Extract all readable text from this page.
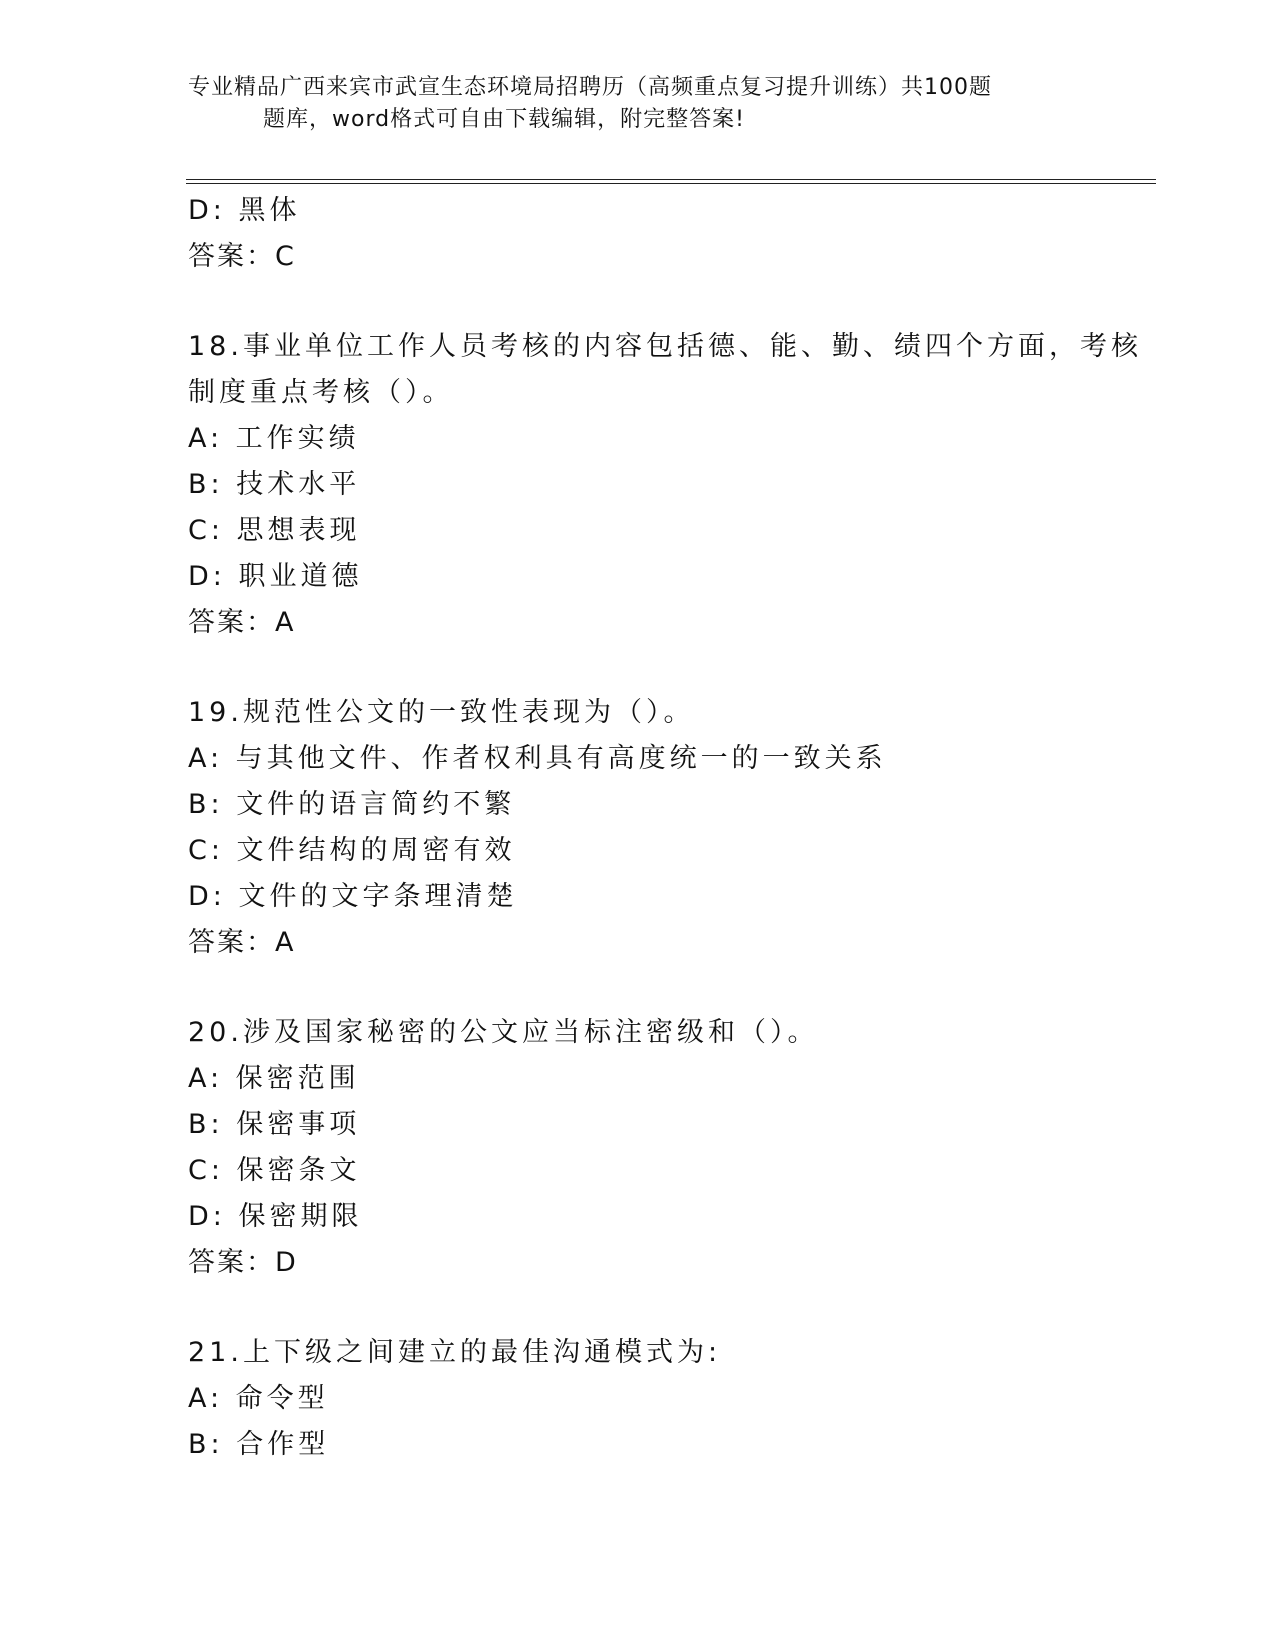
专业精品广西来宾市武宣生态环境局招聘历（高频重点复习提升训练）共100题
题库，word格式可自由下载编辑，附完整答案!
D: 黑体
答案：C
18.事业单位工作人员考核的内容包括德、能、勤、绩四个方面，考核
制度重点考核（）。
A: 工作实绩
B: 技术水平
C: 思想表现
D: 职业道德
答案：A
19.规范性公文的一致性表现为（）。
A: 与其他文件、作者权利具有高度统一的一致关系
B: 文件的语言简约不繁
C: 文件结构的周密有效
D: 文件的文字条理清楚
答案：A
20.涉及国家秘密的公文应当标注密级和（）。
A: 保密范围
B: 保密事项
C: 保密条文
D: 保密期限
答案：D
21.上下级之间建立的最佳沟通模式为:
A: 命令型
B: 合作型
